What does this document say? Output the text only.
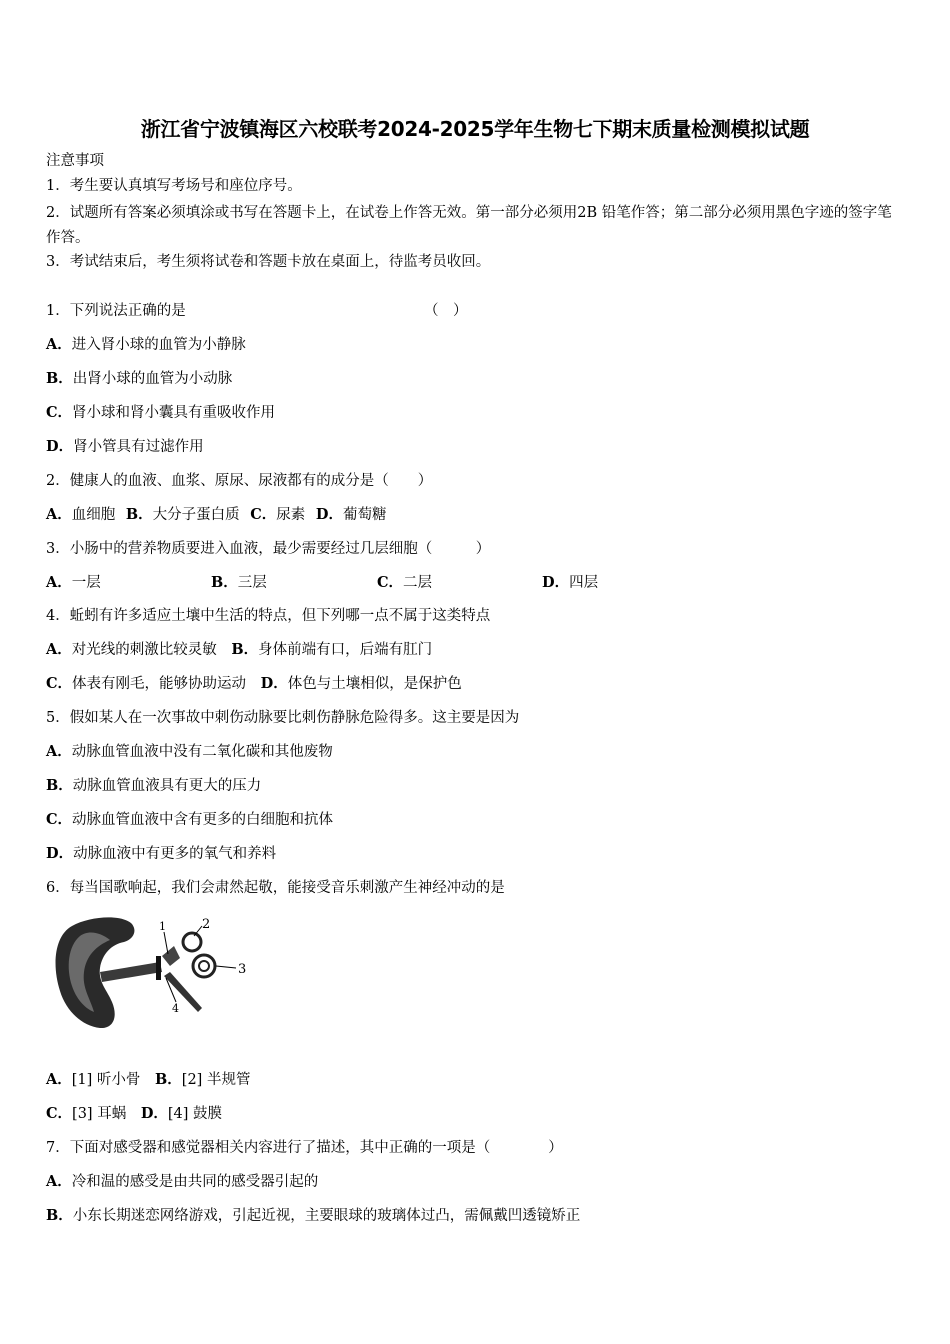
浙江省宁波镇海区六校联考2024-2025学年生物七下期末质量检测模拟试题
注意事项
1．考生要认真填写考场号和座位序号。
2．试题所有答案必须填涂或书写在答题卡上，在试卷上作答无效。第一部分必须用2B 铅笔作答；第二部分必须用黑色字迹的签字笔作答。
3．考试结束后，考生须将试卷和答题卡放在桌面上，待监考员收回。
1．下列说法正确的是	（　）
A．进入肾小球的血管为小静脉
B．出肾小球的血管为小动脉
C．肾小球和肾小囊具有重吸收作用
D．肾小管具有过滤作用
2．健康人的血液、血浆、原尿、尿液都有的成分是（　　）
A．血细胞 B．大分子蛋白质 C．尿素 D．葡萄糖
3．小肠中的营养物质要进入血液，最少需要经过几层细胞（　　　）
A．一层	B．三层	C．二层	D．四层
4．蚯蚓有许多适应土壤中生活的特点，但下列哪一点不属于这类特点
A．对光线的刺激比较灵敏 B．身体前端有口，后端有肛门
C．体表有刚毛，能够协助运动 D．体色与土壤相似，是保护色
5．假如某人在一次事故中刺伤动脉要比刺伤静脉危险得多。这主要是因为
A．动脉血管血液中没有二氧化碳和其他废物
B．动脉血管血液具有更大的压力
C．动脉血管血液中含有更多的白细胞和抗体
D．动脉血液中有更多的氧气和养料
6．每当国歌响起，我们会肃然起敬，能接受音乐刺激产生神经冲动的是
1	2
3
4
A．[1] 听小骨 B．[2] 半规管
C．[3] 耳蜗 D．[4] 鼓膜
7．下面对感受器和感觉器相关内容进行了描述，其中正确的一项是（　　　　）
A．冷和温的感受是由共同的感受器引起的
B．小东长期迷恋网络游戏，引起近视，主要眼球的玻璃体过凸，需佩戴凹透镜矫正
